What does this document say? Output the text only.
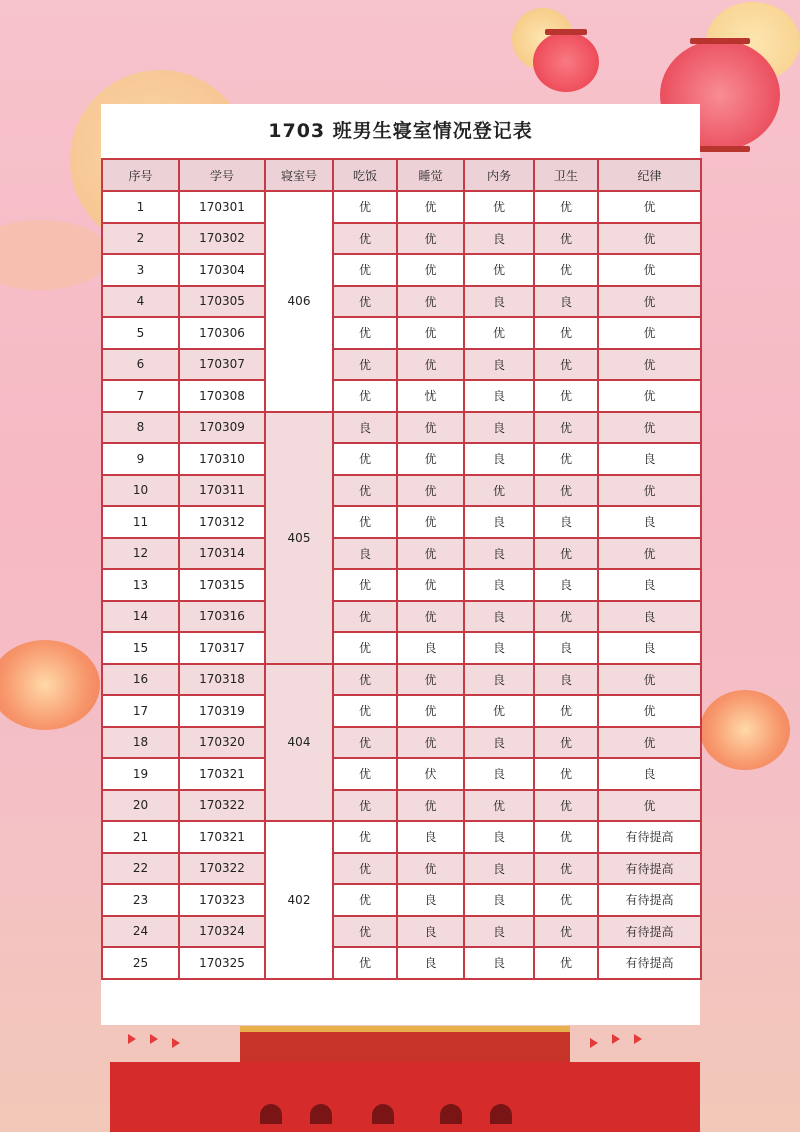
1703 班男生寝室情况登记表
序号	学号	寝室号	吃饭	睡觉	内务	卫生	纪律
1	170301	406	优	优	优	优	优
2	170302		优	优	良	优	优
3	170304		优	优	优	优	优
4	170305		优	优	良	良	优
5	170306		优	优	优	优	优
6	170307		优	优	良	优	优
7	170308		优	忧	良	优	优
8	170309	405	良	优	良	优	优
9	170310		优	优	良	优	良
10	170311		优	优	优	优	优
11	170312		优	优	良	良	良
12	170314		良	优	良	优	优
13	170315		优	优	良	良	良
14	170316		优	优	良	优	良
15	170317		优	良	良	良	良
16	170318	404	优	优	良	良	优
17	170319		优	优	优	优	优
18	170320		优	优	良	优	优
19	170321		优	伏	良	优	良
20	170322		优	优	优	优	优
21	170321	402	优	良	良	优	有待提高
22	170322		优	优	良	优	有待提高
23	170323		优	良	良	优	有待提高
24	170324		优	良	良	优	有待提高
25	170325		优	良	良	优	有待提高
